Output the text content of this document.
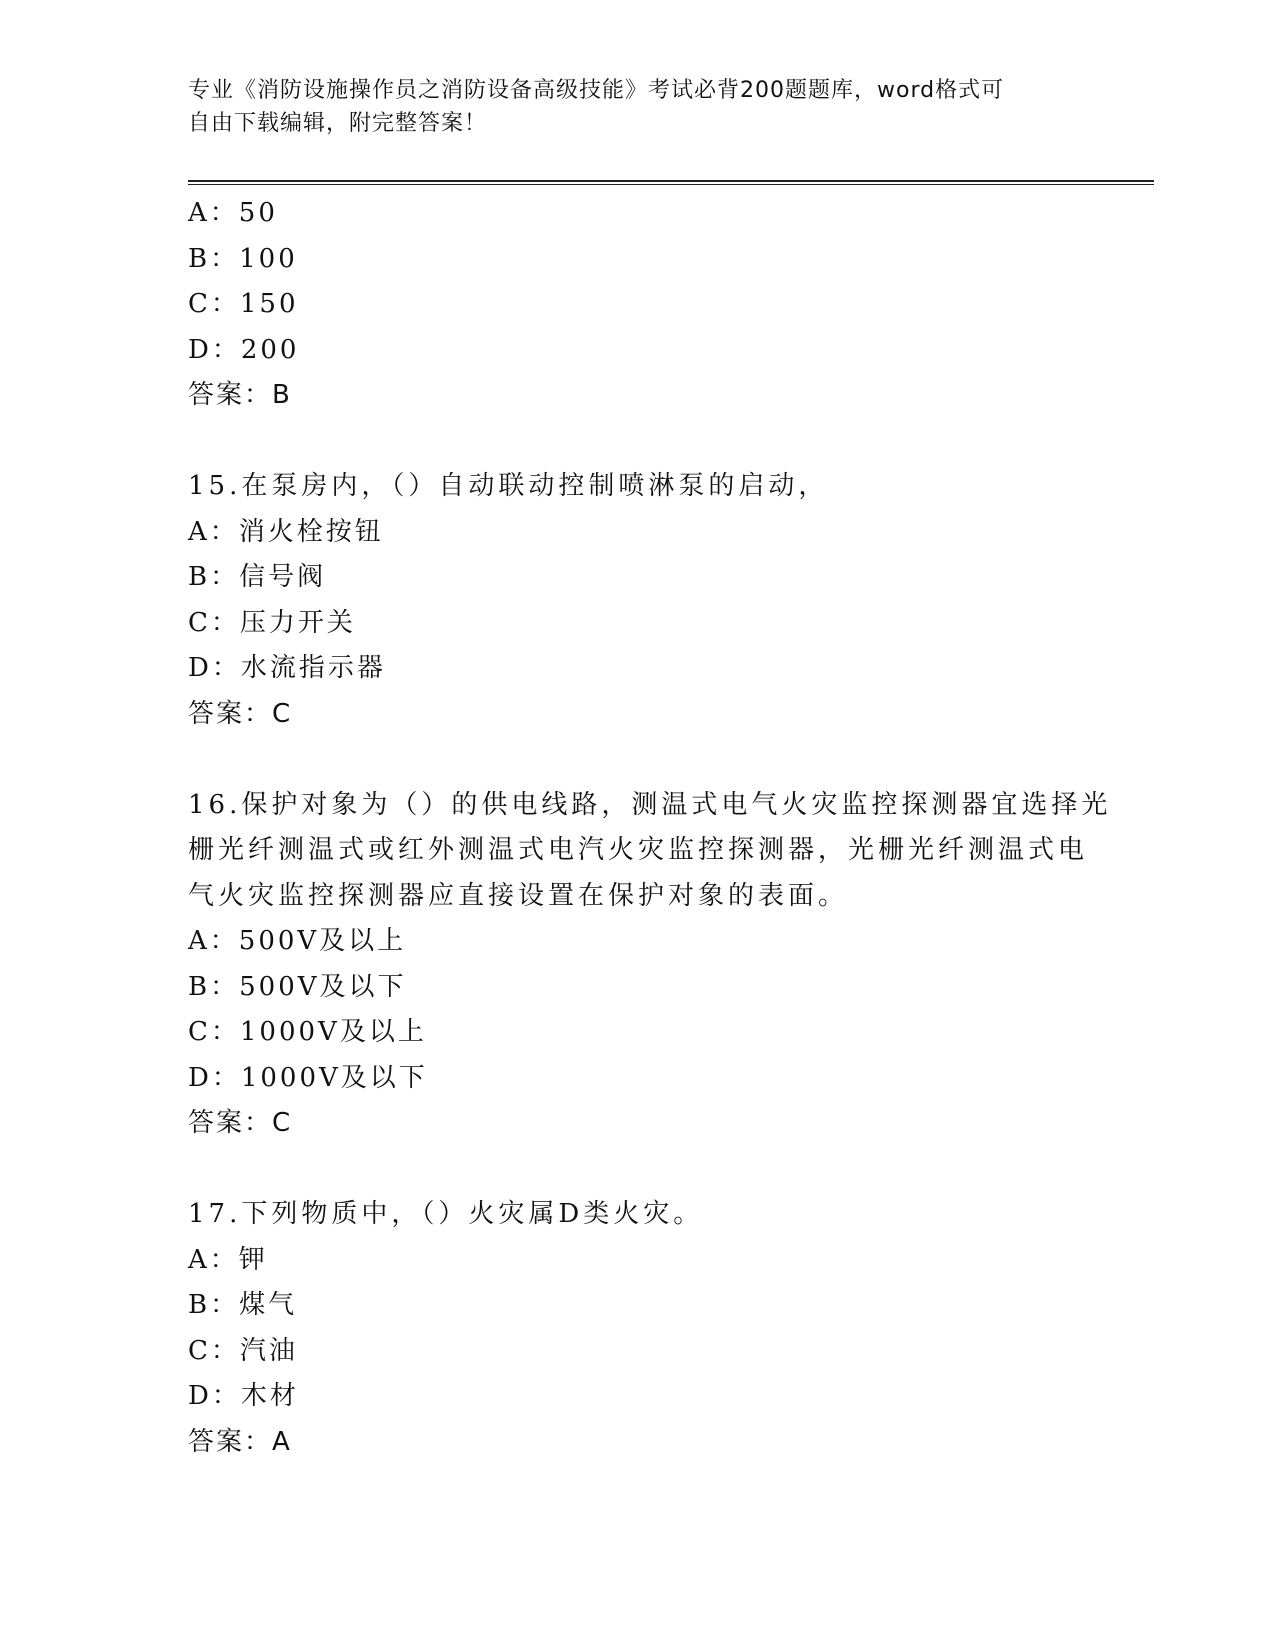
专业《消防设施操作员之消防设备高级技能》考试必背200题题库，word格式可
自由下载编辑，附完整答案！
A：50
B：100
C：150
D：200
答案：B
15.在泵房内，（）自动联动控制喷淋泵的启动，
A：消火栓按钮
B：信号阀
C：压力开关
D：水流指示器
答案：C
16.保护对象为（）的供电线路，测温式电气火灾监控探测器宜选择光
栅光纤测温式或红外测温式电汽火灾监控探测器，光栅光纤测温式电
气火灾监控探测器应直接设置在保护对象的表面。
A：500V及以上
B：500V及以下
C：1000V及以上
D：1000V及以下
答案：C
17.下列物质中，（）火灾属D类火灾。
A：钾
B：煤气
C：汽油
D：木材
答案：A
